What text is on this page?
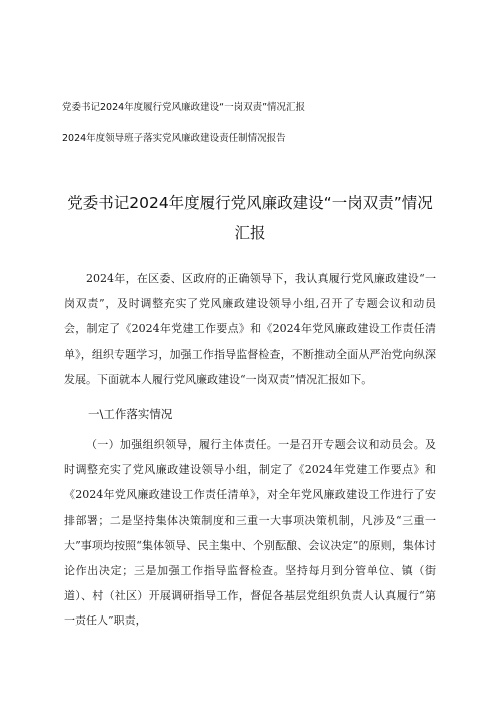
党委书记2024年度履行党风廉政建设“一岗双责”情况汇报
2024年度领导班子落实党风廉政建设责任制情况报告
党委书记2024年度履行党风廉政建设“一岗双责”情况
汇报
2024年，在区委、区政府的正确领导下，我认真履行党风廉政建设“一岗双责”，及时调整充实了党风廉政建设领导小组,召开了专题会议和动员会，制定了《2024年党建工作要点》和《2024年党风廉政建设工作责任清单》，组织专题学习，加强工作指导监督检查，不断推动全面从严治党向纵深发展。下面就本人履行党风廉政建设“一岗双责”情况汇报如下。
一\工作落实情况
（一）加强组织领导，履行主体责任。一是召开专题会议和动员会。及时调整充实了党风廉政建设领导小组，制定了《2024年党建工作要点》和《2024年党风廉政建设工作责任清单》，对全年党风廉政建设工作进行了安排部署；二是坚持集体决策制度和三重一大事项决策机制，凡涉及“三重一大”事项均按照“集体领导、民主集中、个别酝酿、会议决定”的原则，集体讨论作出决定；三是加强工作指导监督检查。坚持每月到分管单位、镇（街道）、村（社区）开展调研指导工作，督促各基层党组织负责人认真履行“第一责任人”职责，
